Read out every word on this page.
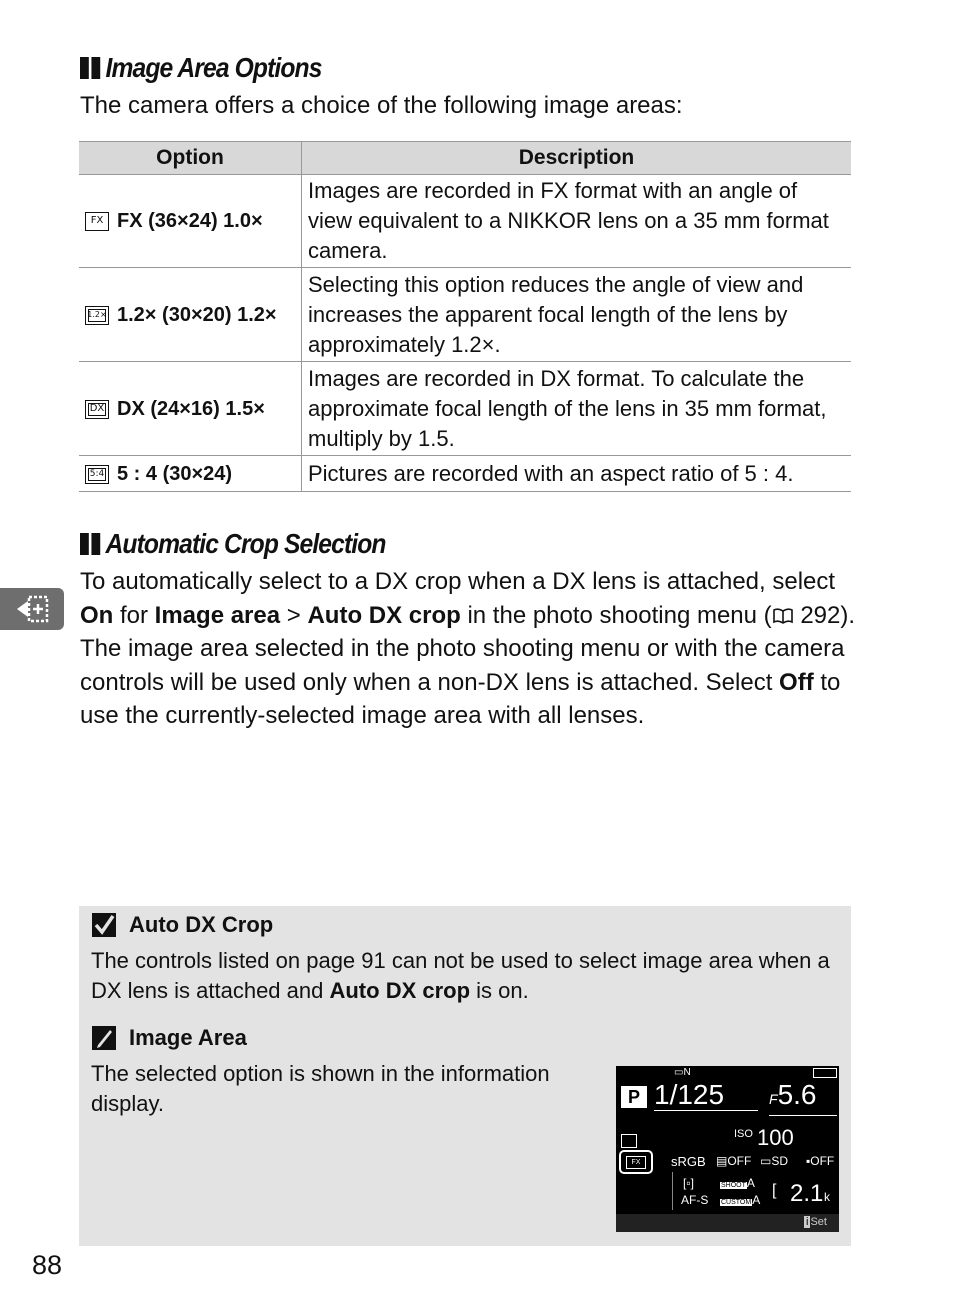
Image Area Options

The camera offers a choice of the following image areas:

Option	Description
FX FX (36×24) 1.0×	Images are recorded in FX format with an angle of view equivalent to a NIKKOR lens on a 35 mm format camera.
1.2× 1.2× (30×20) 1.2×	Selecting this option reduces the angle of view and increases the apparent focal length of the lens by approximately 1.2×.
DX DX (24×16) 1.5×	Images are recorded in DX format. To calculate the approximate focal length of the lens in 35 mm format, multiply by 1.5.
5:4 5 : 4 (30×24)	Pictures are recorded with an aspect ratio of 5 : 4.
Automatic Crop Selection

To automatically select to a DX crop when a DX lens is attached, select On for Image area > Auto DX crop in the photo shooting menu ( 292). The image area selected in the photo shooting menu or with the camera controls will be used only when a non-DX lens is attached. Select Off to use the currently-selected image area with all lenses.

Auto DX Crop

The controls listed on page 91 can not be used to select image area when a DX lens is attached and Auto DX crop is on.

Image Area

The selected option is shown in the information display.

▭N
P 1/125	F5.6
ISO 100
FX	sRGB ▤OFF ▭SD ▪OFF
[▫]
AF-S
SHOOTA
CUSTOMA
[ 2.1 k
i Set
88
